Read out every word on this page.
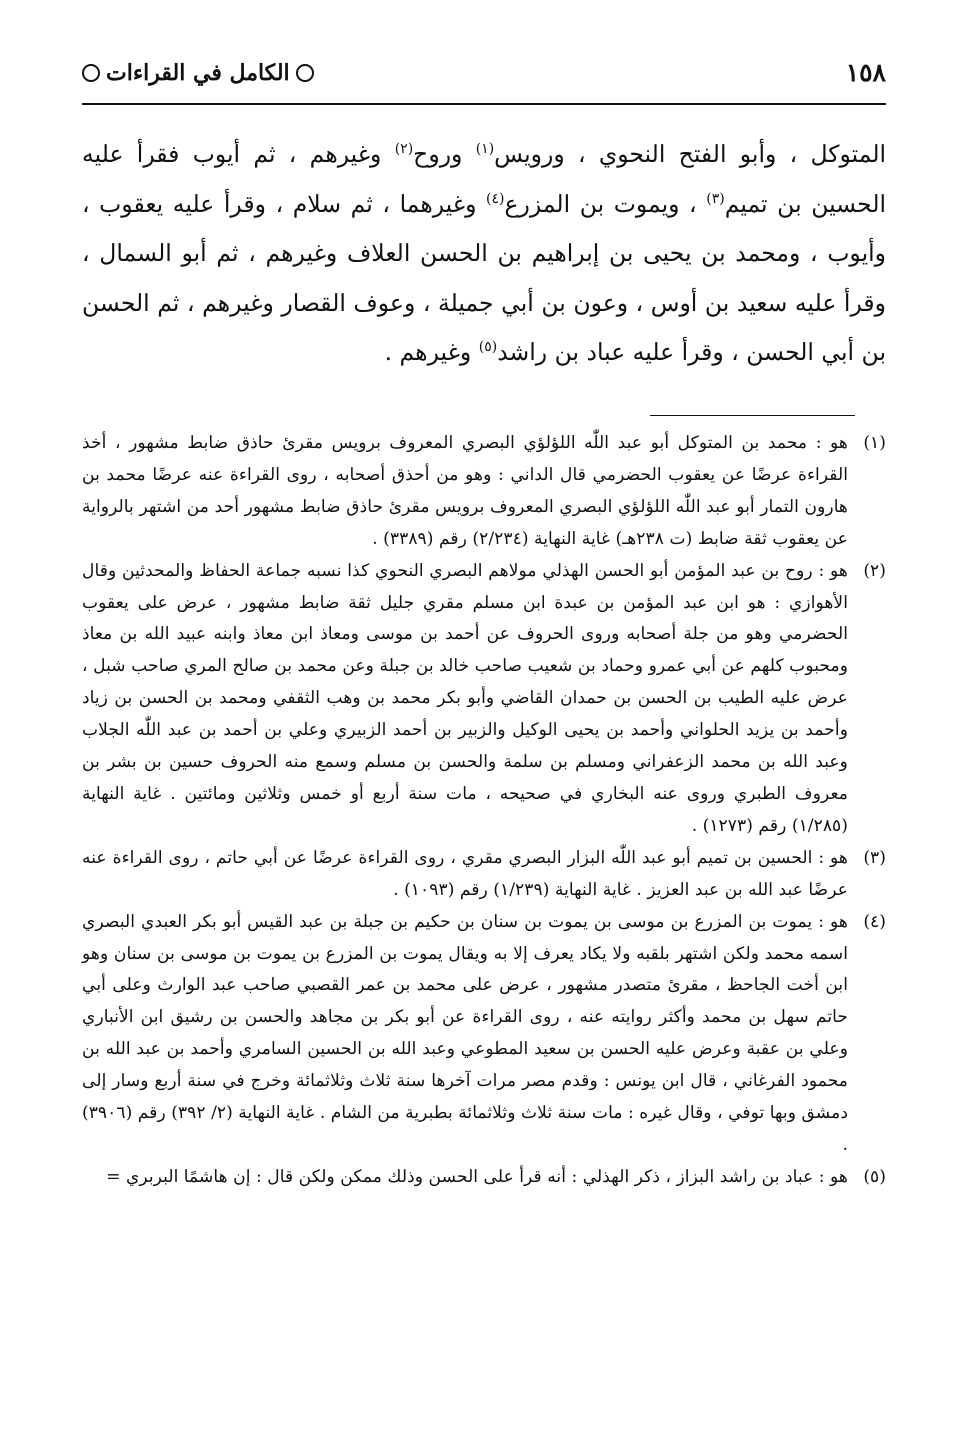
١٥٨
الكامل في القراءات

المتوكل ، وأبو الفتح النحوي ، ورويس$^{(١)}$ وروح$^{(٢)}$ وغيرهم ، ثم أيوب فقرأ عليه الحسين بن تميم$^{(٣)}$ ، ويموت بن المزرع$^{(٤)}$ وغيرهما ، ثم سلام ، وقرأ عليه يعقوب ، وأيوب ، ومحمد بن يحيى بن إبراهيم بن الحسن العلاف وغيرهم ، ثم أبو السمال ، وقرأ عليه سعيد بن أوس ، وعون بن أبي جميلة ، وعوف القصار وغيرهم ، ثم الحسن بن أبي الحسن ، وقرأ عليه عباد بن راشد$^{(٥)}$ وغيرهم .

(١)
هو : محمد بن المتوكل أبو عبد اللّٰه اللؤلؤي البصري المعروف برويس مقرئ حاذق ضابط مشهور ، أخذ القراءة عرضًا عن يعقوب الحضرمي قال الداني : وهو من أحذق أصحابه ، روى القراءة عنه عرضًا محمد بن هارون التمار أبو عبد اللّٰه اللؤلؤي البصري المعروف برويس مقرئ حاذق ضابط مشهور أحد من اشتهر بالرواية عن يعقوب ثقة ضابط (ت ٢٣٨هـ) غاية النهاية (٢/٢٣٤) رقم (٣٣٨٩) .
(٢)
هو : روح بن عبد المؤمن أبو الحسن الهذلي مولاهم البصري النحوي كذا نسبه جماعة الحفاظ والمحدثين وقال الأهوازي : هو ابن عبد المؤمن بن عبدة ابن مسلم مقري جليل ثقة ضابط مشهور ، عرض على يعقوب الحضرمي وهو من جلة أصحابه وروى الحروف عن أحمد بن موسى ومعاذ ابن معاذ وابنه عبيد الله بن معاذ ومحبوب كلهم عن أبي عمرو وحماد بن شعيب صاحب خالد بن جبلة وعن محمد بن صالح المري صاحب شبل ، عرض عليه الطيب بن الحسن بن حمدان القاضي وأبو بكر محمد بن وهب الثقفي ومحمد بن الحسن بن زياد وأحمد بن يزيد الحلواني وأحمد بن يحيى الوكيل والزبير بن أحمد الزبيري وعلي بن أحمد بن عبد اللّٰه الجلاب وعبد الله بن محمد الزعفراني ومسلم بن سلمة والحسن بن مسلم وسمع منه الحروف حسين بن بشر بن معروف الطبري وروى عنه البخاري في صحيحه ، مات سنة أربع أو خمس وثلاثين ومائتين . غاية النهاية (١/٢٨٥) رقم (١٢٧٣) .
(٣)
هو : الحسين بن تميم أبو عبد اللّٰه البزار البصري مقري ، روى القراءة عرضًا عن أبي حاتم ، روى القراءة عنه عرضًا عبد الله بن عبد العزيز . غاية النهاية (١/٢٣٩) رقم (١٠٩٣) .
(٤)
هو : يموت بن المزرع بن موسى بن يموت بن سنان بن حكيم بن جبلة بن عبد القيس أبو بكر العبدي البصري اسمه محمد ولكن اشتهر بلقبه ولا يكاد يعرف إلا به ويقال يموت بن المزرع بن يموت بن موسى بن سنان وهو ابن أخت الجاحظ ، مقرئ متصدر مشهور ، عرض على محمد بن عمر القصبي صاحب عبد الوارث وعلى أبي حاتم سهل بن محمد وأكثر روايته عنه ، روى القراءة عن أبو بكر بن مجاهد والحسن بن رشيق ابن الأنباري وعلي بن عقبة وعرض عليه الحسن بن سعيد المطوعي وعبد الله بن الحسين السامري وأحمد بن عبد الله بن محمود الفرغاني ، قال ابن يونس : وقدم مصر مرات آخرها سنة ثلاث وثلاثمائة وخرج في سنة أربع وسار إلى دمشق وبها توفي ، وقال غيره : مات سنة ثلاث وثلاثمائة بطبرية من الشام . غاية النهاية (٢/ ٣٩٢) رقم (٣٩٠٦) .
(٥)
هو : عباد بن راشد البزاز ، ذكر الهذلي : أنه قرأ على الحسن وذلك ممكن ولكن قال : إن هاشمًا البربري =
